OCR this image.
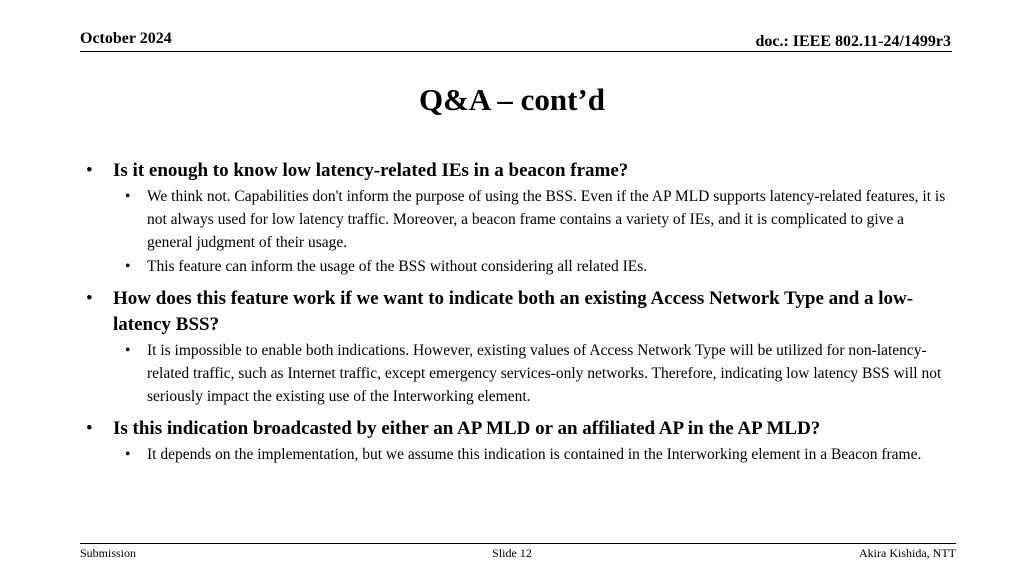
October 2024	doc.: IEEE 802.11-24/1499r3
Q&A – cont’d
• Is it enough to know low latency-related IEs in a beacon frame?
• We think not. Capabilities don't inform the purpose of using the BSS. Even if the AP MLD supports latency-related features, it is not always used for low latency traffic. Moreover, a beacon frame contains a variety of IEs, and it is complicated to give a general judgment of their usage.
• This feature can inform the usage of the BSS without considering all related IEs.
• How does this feature work if we want to indicate both an existing Access Network Type and a low-latency BSS?
• It is impossible to enable both indications. However, existing values of Access Network Type will be utilized for non-latency-related traffic, such as Internet traffic, except emergency services-only networks. Therefore, indicating low latency BSS will not seriously impact the existing use of the Interworking element.
• Is this indication broadcasted by either an AP MLD or an affiliated AP in the AP MLD?
• It depends on the implementation, but we assume this indication is contained in the Interworking element in a Beacon frame.
Submission	Slide 12	Akira Kishida, NTT
